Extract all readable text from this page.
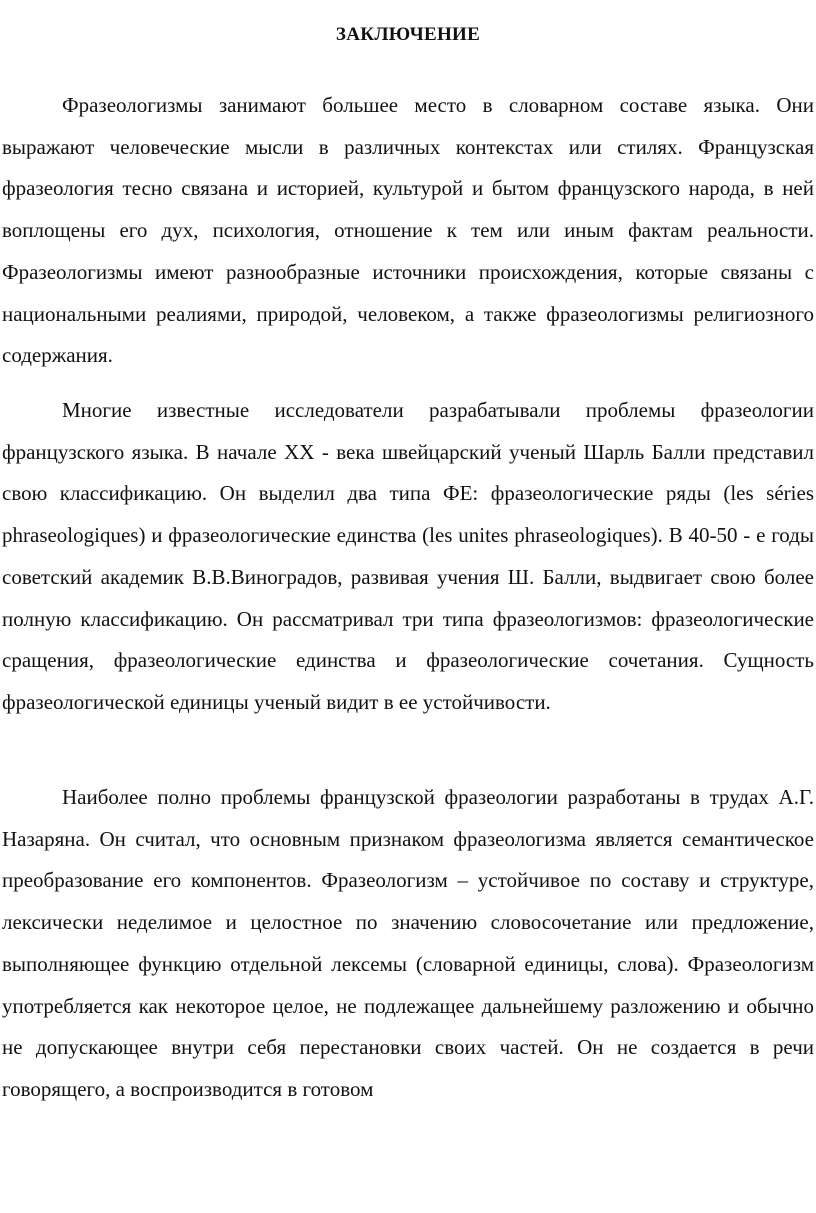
ЗАКЛЮЧЕНИЕ

Фразеологизмы занимают большее место в словарном составе языка. Они выражают человеческие мысли в различных контекстах или стилях. Французская фразеология тесно связана и историей, культурой и бытом французского народа, в ней воплощены его дух, психология, отношение к тем или иным фактам реальности. Фразеологизмы имеют разнообразные источники происхождения, которые связаны с национальными реалиями, природой, человеком, а также фразеологизмы религиозного содержания.

Многие известные исследователи разрабатывали проблемы фразеологии французского языка. В начале XX - века швейцарский ученый Шарль Балли представил свою классификацию. Он выделил два типа ФЕ: фразеологические ряды (les séries phraseologiques) и фразеологические единства (les unites phraseologiques). В 40-50 - е годы советский академик В.В.Виноградов, развивая учения Ш. Балли, выдвигает свою более полную классификацию. Он рассматривал три типа фразеологизмов: фразеологические сращения, фразеологические единства и фразеологические сочетания. Сущность фразеологической единицы ученый видит в ее устойчивости.

Наиболее полно проблемы французской фразеологии разработаны в трудах А.Г. Назаряна. Он считал, что основным признаком фразеологизма является семантическое преобразование его компонентов. Фразеологизм – устойчивое по составу и структуре, лексически неделимое и целостное по значению словосочетание или предложение, выполняющее функцию отдельной лексемы (словарной единицы, слова). Фразеологизм употребляется как некоторое целое, не подлежащее дальнейшему разложению и обычно не допускающее внутри себя перестановки своих частей. Он не создается в речи говорящего, а воспроизводится в готовом
